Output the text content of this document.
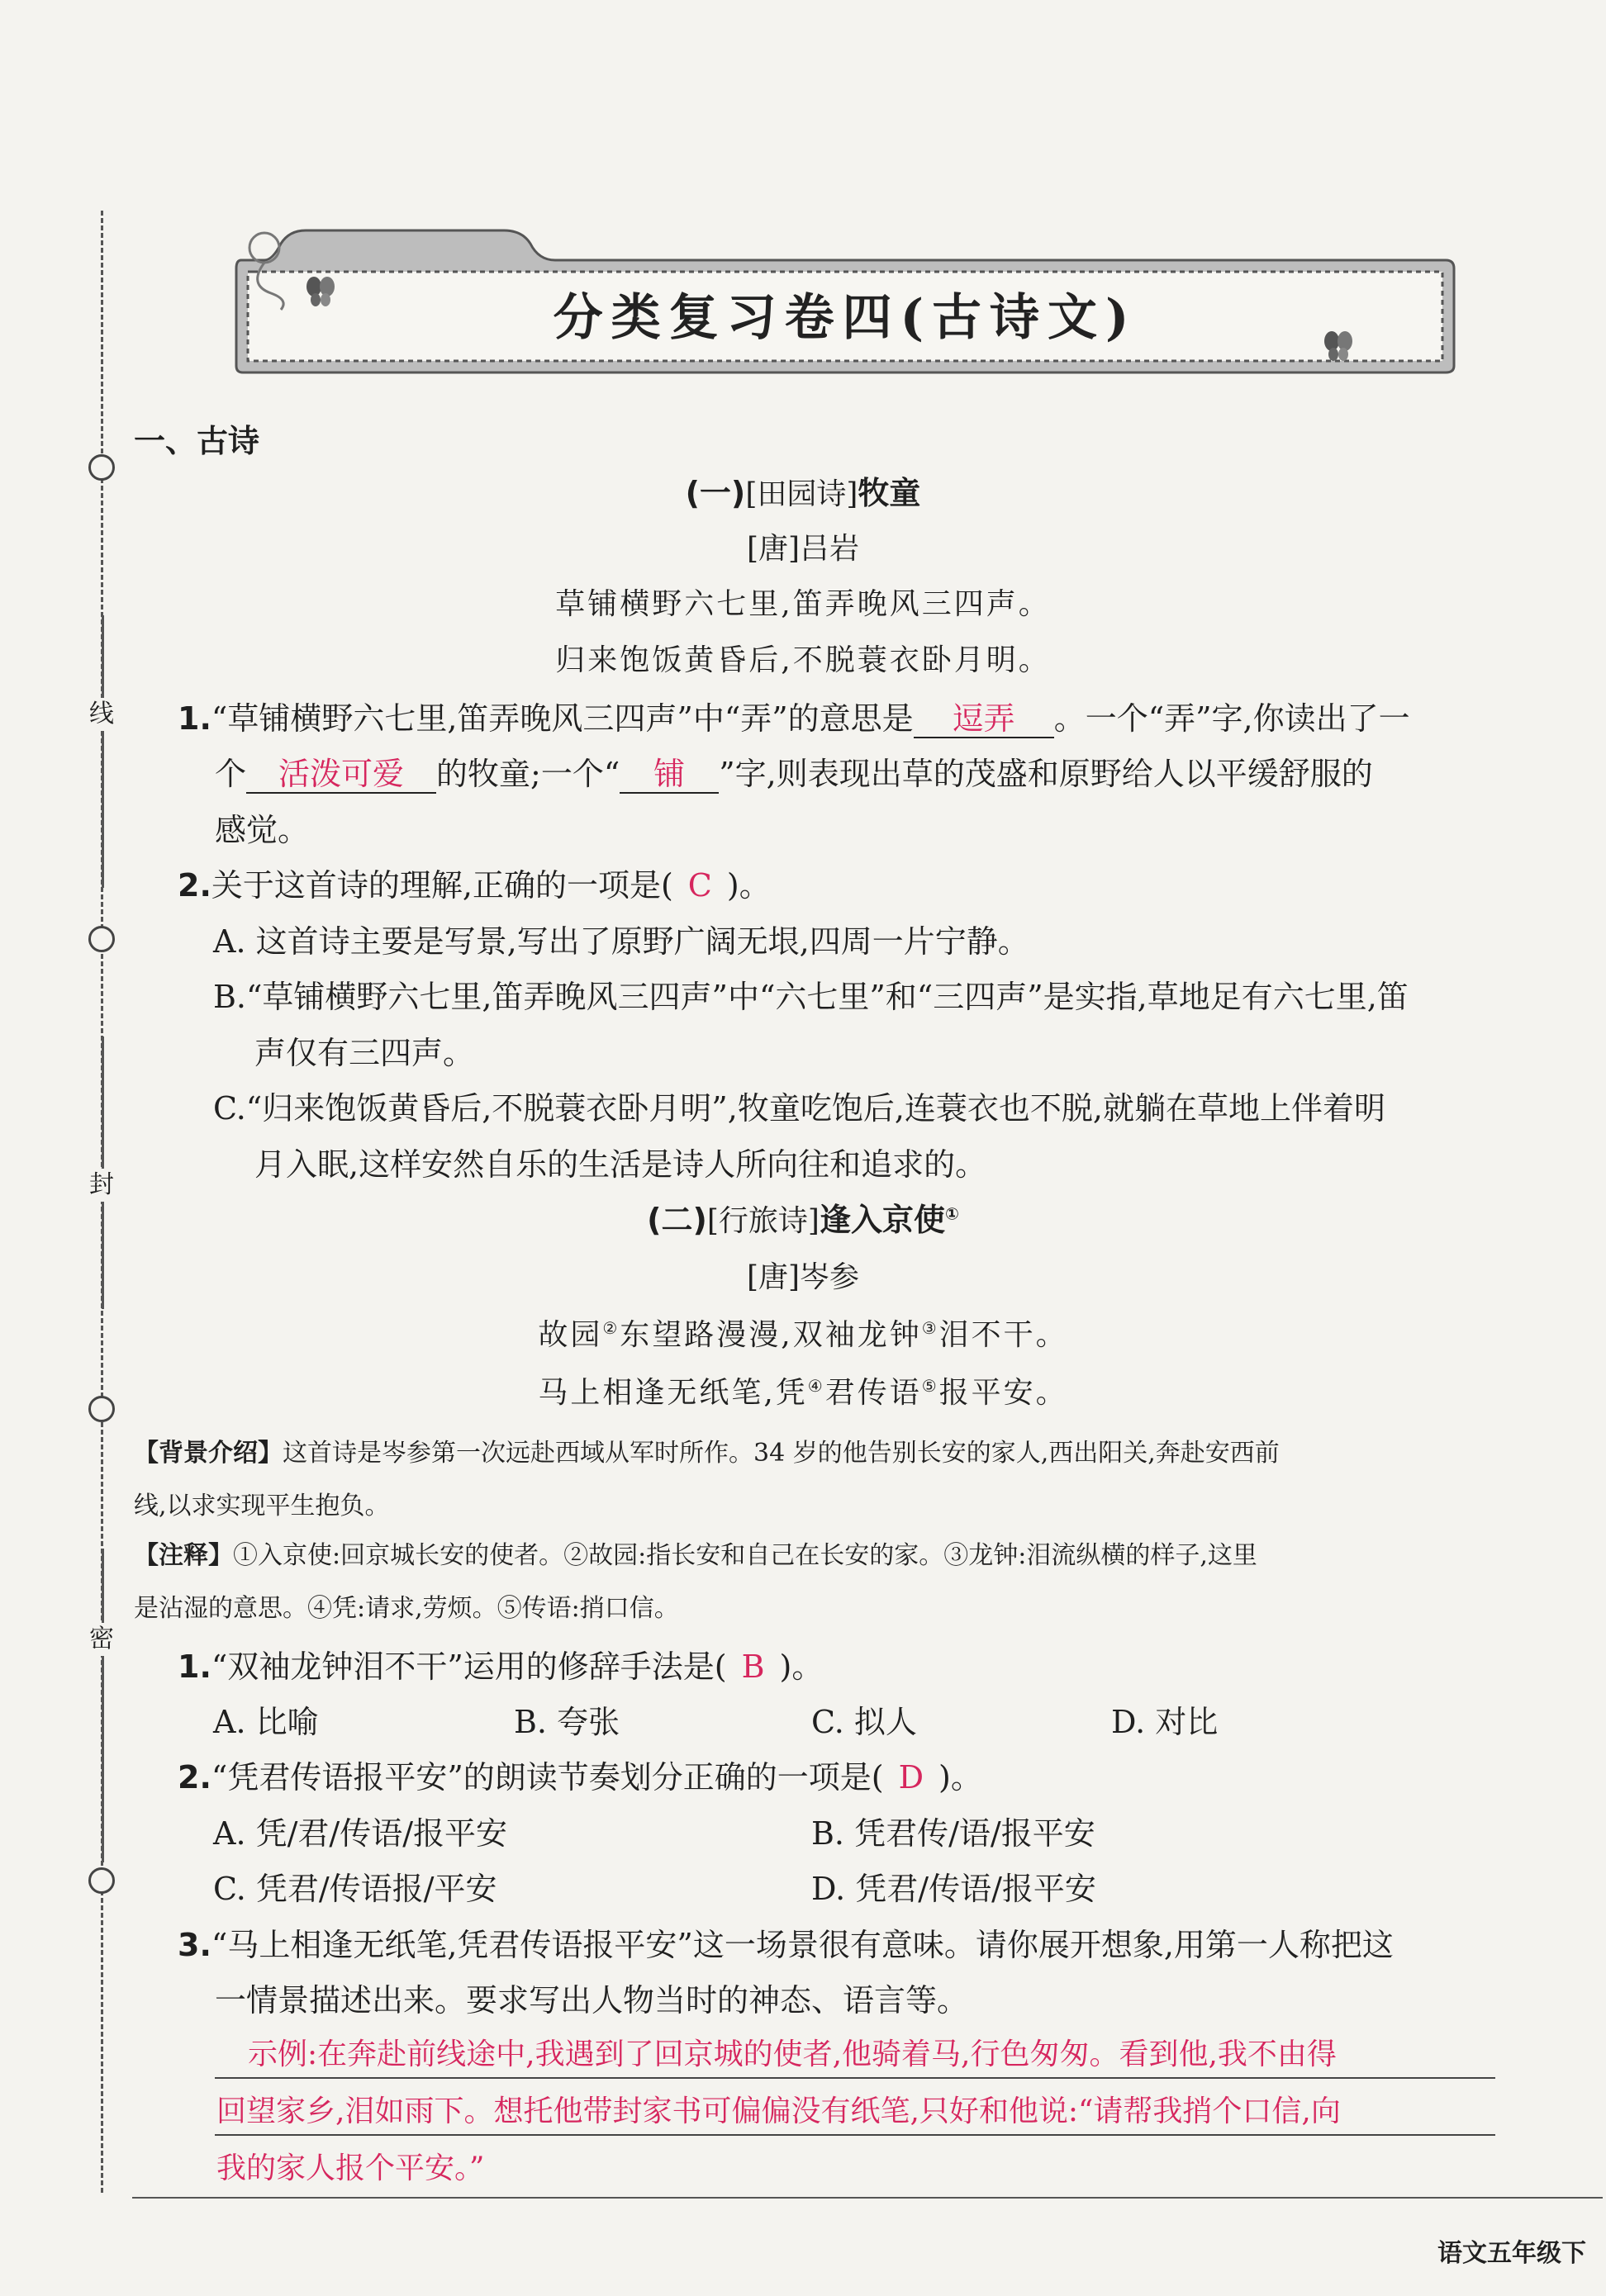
线
封
密
分类复习卷四(古诗文)
一、古诗
(一)[田园诗]牧童
[唐]吕岩
草铺横野六七里,笛弄晚风三四声。
归来饱饭黄昏后,不脱蓑衣卧月明。
1.“草铺横野六七里,笛弄晚风三四声”中“弄”的意思是 逗弄 。一个“弄”字,你读出了一
个 活泼可爱 的牧童;一个“ 铺 ”字,则表现出草的茂盛和原野给人以平缓舒服的
感觉。
2.关于这首诗的理解,正确的一项是( C )。
A. 这首诗主要是写景,写出了原野广阔无垠,四周一片宁静。
B.“草铺横野六七里,笛弄晚风三四声”中“六七里”和“三四声”是实指,草地足有六七里,笛
声仅有三四声。
C.“归来饱饭黄昏后,不脱蓑衣卧月明”,牧童吃饱后,连蓑衣也不脱,就躺在草地上伴着明
月入眠,这样安然自乐的生活是诗人所向往和追求的。
(二)[行旅诗]逢入京使①
[唐]岑参
故园②东望路漫漫,双袖龙钟③泪不干。
马上相逢无纸笔,凭④君传语⑤报平安。
【背景介绍】这首诗是岑参第一次远赴西域从军时所作。34 岁的他告别长安的家人,西出阳关,奔赴安西前
线,以求实现平生抱负。
【注释】①入京使:回京城长安的使者。②故园:指长安和自己在长安的家。③龙钟:泪流纵横的样子,这里
是沾湿的意思。④凭:请求,劳烦。⑤传语:捎口信。
1.“双袖龙钟泪不干”运用的修辞手法是( B )。
A. 比喻	B. 夸张	C. 拟人	D. 对比
2.“凭君传语报平安”的朗读节奏划分正确的一项是( D )。
A. 凭/君/传语/报平安	B. 凭君传/语/报平安
C. 凭君/传语报/平安	D. 凭君/传语/报平安
3.“马上相逢无纸笔,凭君传语报平安”这一场景很有意味。请你展开想象,用第一人称把这
一情景描述出来。要求写出人物当时的神态、语言等。
示例:在奔赴前线途中,我遇到了回京城的使者,他骑着马,行色匆匆。看到他,我不由得
回望家乡,泪如雨下。想托他带封家书可偏偏没有纸笔,只好和他说:“请帮我捎个口信,向
我的家人报个平安。”
语文五年级下
